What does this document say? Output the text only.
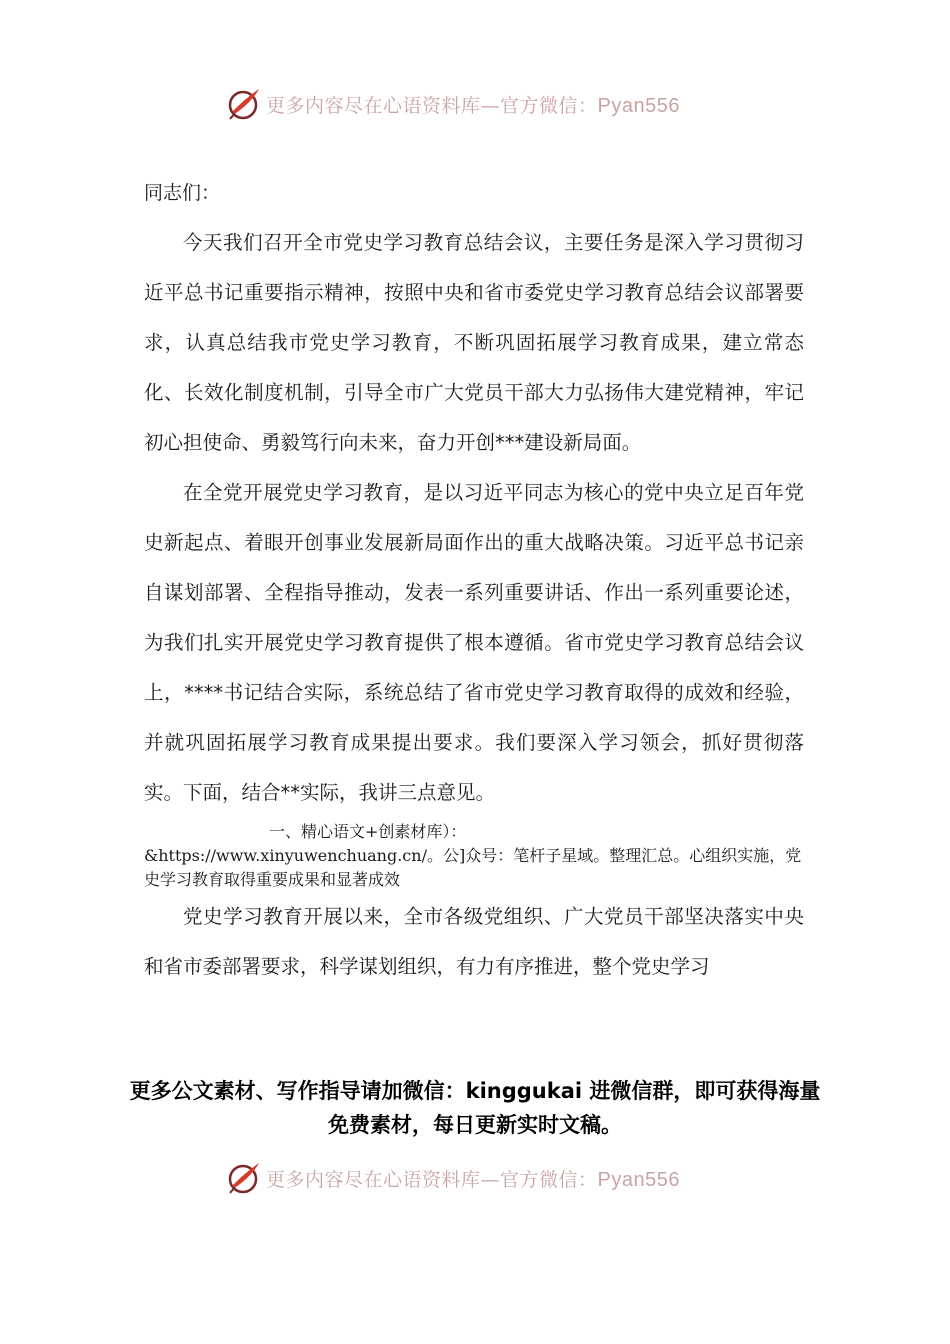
更多内容尽在心语资料库—官方微信：Pyan556

同志们：

今天我们召开全市党史学习教育总结会议，主要任务是深入学习贯彻习近平总书记重要指示精神，按照中央和省市委党史学习教育总结会议部署要求，认真总结我市党史学习教育，不断巩固拓展学习教育成果，建立常态化、长效化制度机制，引导全市广大党员干部大力弘扬伟大建党精神，牢记初心担使命、勇毅笃行向未来，奋力开创***建设新局面。

在全党开展党史学习教育，是以习近平同志为核心的党中央立足百年党史新起点、着眼开创事业发展新局面作出的重大战略决策。习近平总书记亲自谋划部署、全程指导推动，发表一系列重要讲话、作出一系列重要论述，为我们扎实开展党史学习教育提供了根本遵循。省市党史学习教育总结会议上，****书记结合实际，系统总结了省市党史学习教育取得的成效和经验，并就巩固拓展学习教育成果提出要求。我们要深入学习领会，抓好贯彻落实。下面，结合**实际，我讲三点意见。

一、精心语文+创素材库）：
&https://www.xinyuwenchuang.cn/。公]众号：笔杆子星域。整理汇总。心组织实施，党史学习教育取得重要成果和显著成效

党史学习教育开展以来，全市各级党组织、广大党员干部坚决落实中央和省市委部署要求，科学谋划组织，有力有序推进，整个党史学习

更多公文素材、写作指导请加微信：kinggukai 进微信群，即可获得海量免费素材，每日更新实时文稿。
更多内容尽在心语资料库—官方微信：Pyan556
